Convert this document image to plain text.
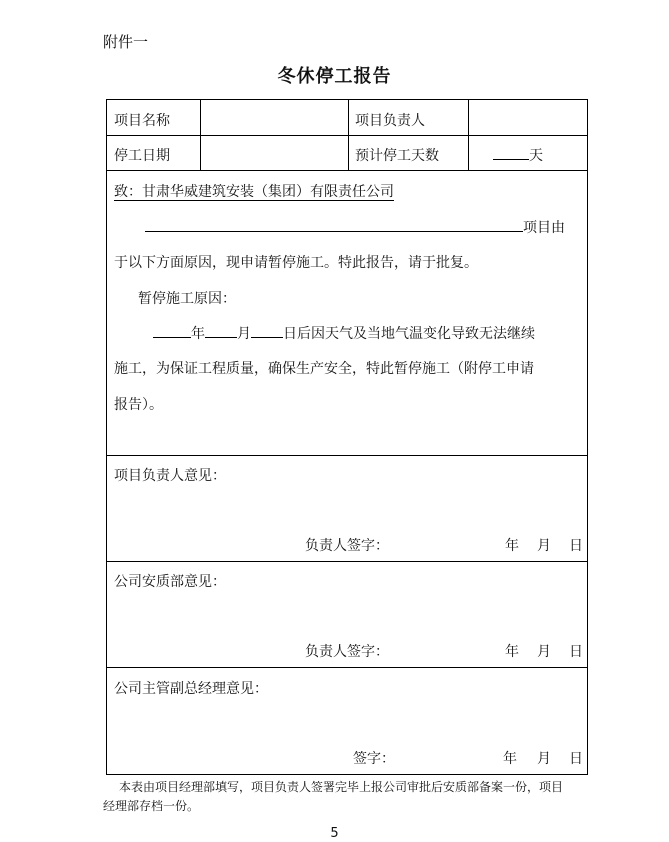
附件一
冬休停工报告
项目名称	项目负责人
停工日期	预计停工天数	天
致：甘肃华威建筑安装（集团）有限责任公司
项目由
于以下方面原因，现申请暂停施工。特此报告，请于批复。
暂停施工原因：
年 月 日后因天气及当地气温变化导致无法继续
施工，为保证工程质量，确保生产安全，特此暂停施工（附停工申请
报告）。
项目负责人意见：
负责人签字：	年 月 日
公司安质部意见：
负责人签字：	年 月 日
公司主管副总经理意见：
签字：	年 月 日
本表由项目经理部填写，项目负责人签署完毕上报公司审批后安质部备案一份，项目经理部存档一份。
5
